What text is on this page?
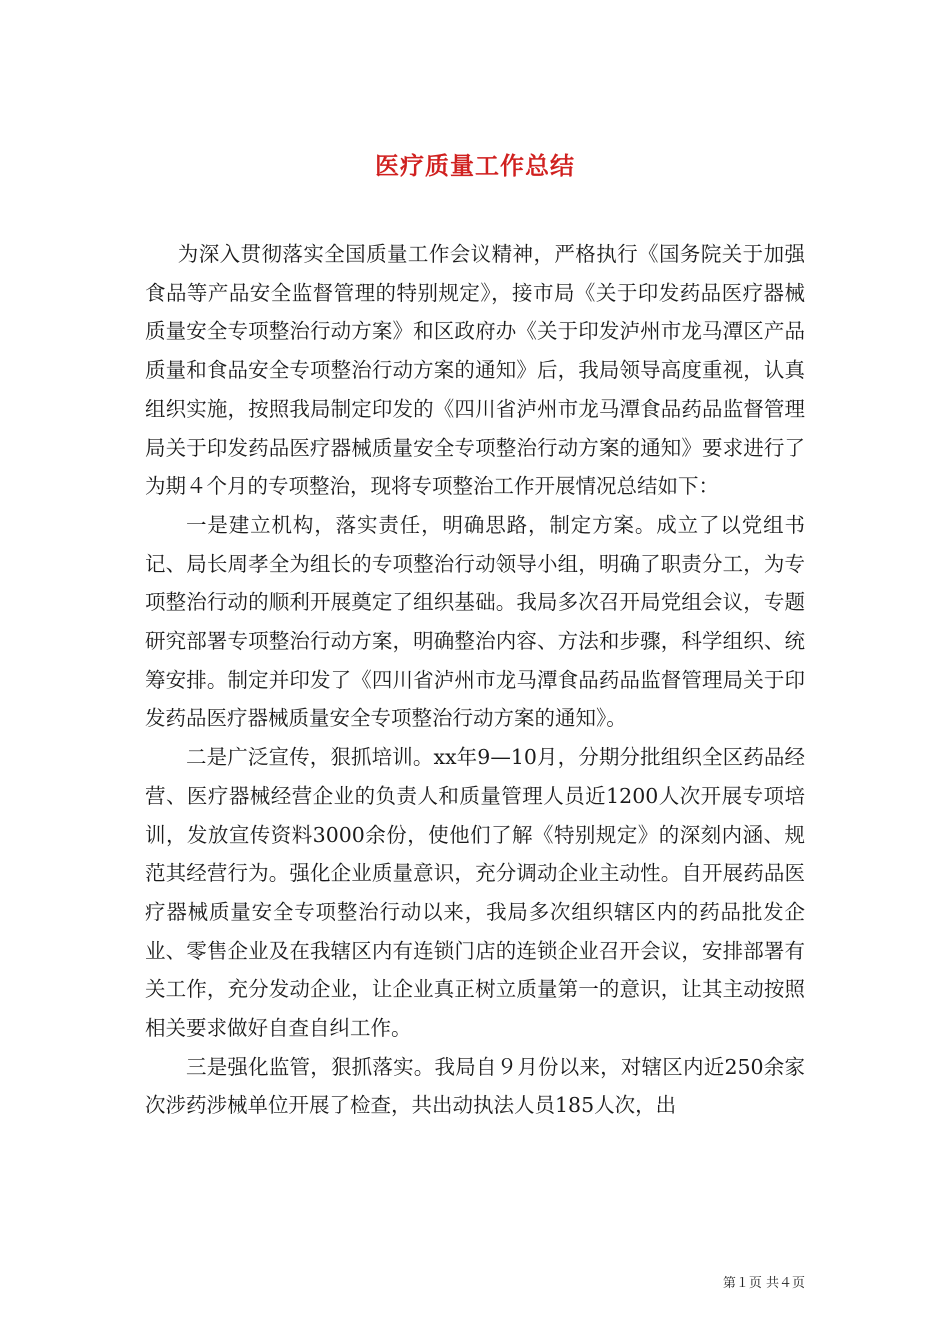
医疗质量工作总结

为深入贯彻落实全国质量工作会议精神，严格执行《国务院关于加强食品等产品安全监督管理的特别规定》，接市局《关于印发药品医疗器械质量安全专项整治行动方案》和区政府办《关于印发泸州市龙马潭区产品质量和食品安全专项整治行动方案的通知》后，我局领导高度重视，认真组织实施，按照我局制定印发的《四川省泸州市龙马潭食品药品监督管理局关于印发药品医疗器械质量安全专项整治行动方案的通知》要求进行了为期４个月的专项整治，现将专项整治工作开展情况总结如下：

一是建立机构，落实责任，明确思路，制定方案。成立了以党组书记、局长周孝全为组长的专项整治行动领导小组，明确了职责分工，为专项整治行动的顺利开展奠定了组织基础。我局多次召开局党组会议，专题研究部署专项整治行动方案，明确整治内容、方法和步骤，科学组织、统筹安排。制定并印发了《四川省泸州市龙马潭食品药品监督管理局关于印发药品医疗器械质量安全专项整治行动方案的通知》。

二是广泛宣传，狠抓培训。xx年9—10月，分期分批组织全区药品经营、医疗器械经营企业的负责人和质量管理人员近1200人次开展专项培训，发放宣传资料3000余份，使他们了解《特别规定》的深刻内涵、规范其经营行为。强化企业质量意识，充分调动企业主动性。自开展药品医疗器械质量安全专项整治行动以来，我局多次组织辖区内的药品批发企业、零售企业及在我辖区内有连锁门店的连锁企业召开会议，安排部署有关工作，充分发动企业，让企业真正树立质量第一的意识，让其主动按照相关要求做好自查自纠工作。

三是强化监管，狠抓落实。我局自９月份以来，对辖区内近250余家次涉药涉械单位开展了检查，共出动执法人员185人次，出

第１页 共４页
